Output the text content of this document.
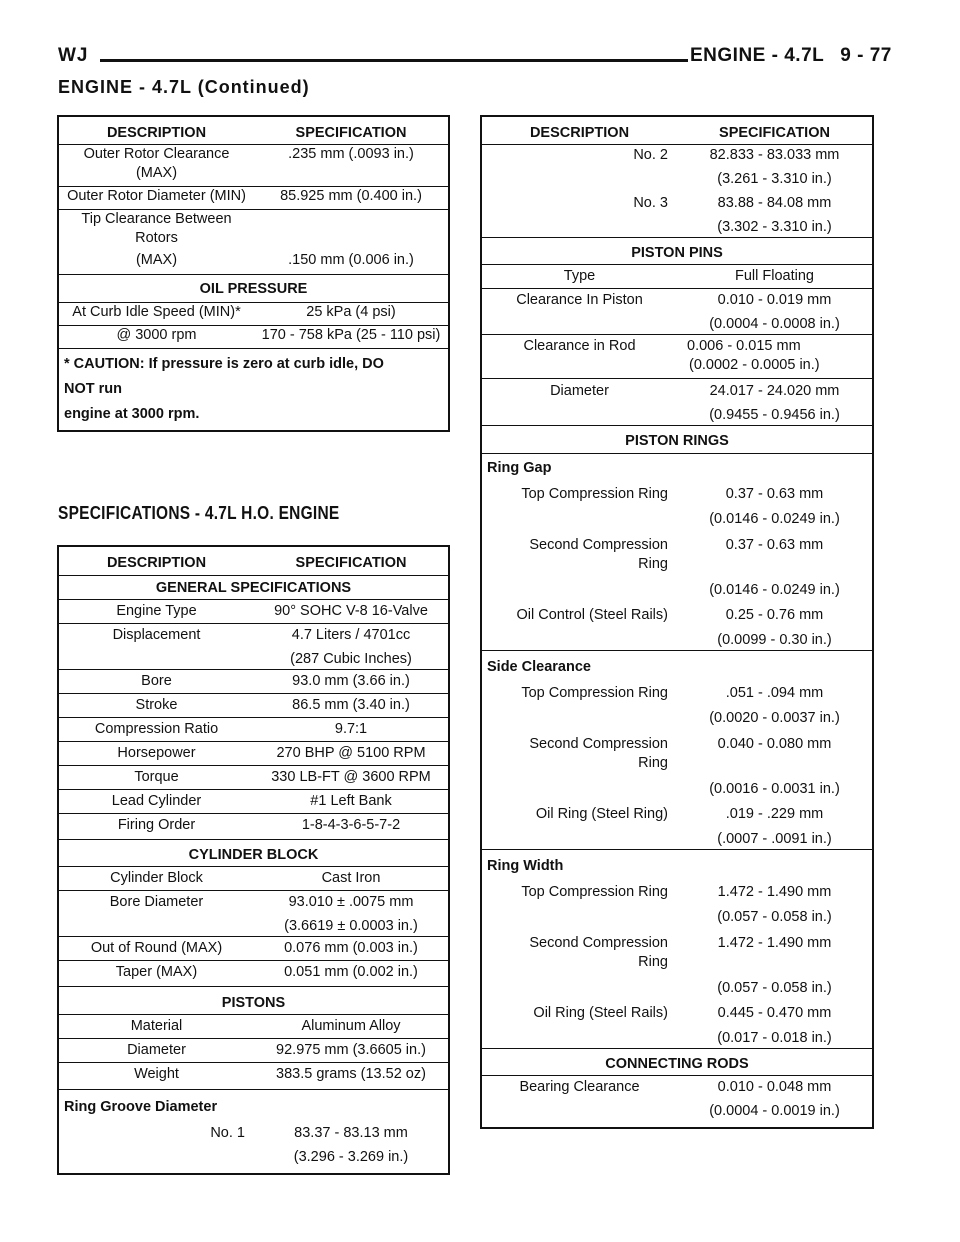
WJ	ENGINE - 4.7L 9 - 77
ENGINE - 4.7L (Continued)
DESCRIPTION	SPECIFICATION
Outer Rotor Clearance (MAX)	.235 mm (.0093 in.)
Outer Rotor Diameter (MIN)	85.925 mm (0.400 in.)
Tip Clearance Between Rotors	
(MAX)	.150 mm (0.006 in.)
OIL PRESSURE	
At Curb Idle Speed (MIN)*	25 kPa (4 psi)
@ 3000 rpm	170 - 758 kPa (25 - 110 psi)

* CAUTION: If pressure is zero at curb idle, DO
NOT run
engine at 3000 rpm.	
SPECIFICATIONS - 4.7L H.O. ENGINE
DESCRIPTION	SPECIFICATION
GENERAL SPECIFICATIONS	
Engine Type	90° SOHC V-8 16-Valve
Displacement	4.7 Liters / 4701cc
	(287 Cubic Inches)
Bore	93.0 mm (3.66 in.)
Stroke	86.5 mm (3.40 in.)
Compression Ratio	9.7:1
Horsepower	270 BHP @ 5100 RPM
Torque	330 LB-FT @ 3600 RPM
Lead Cylinder	#1 Left Bank
Firing Order	1-8-4-3-6-5-7-2
CYLINDER BLOCK	
Cylinder Block	Cast Iron
Bore Diameter	93.010 ± .0075 mm
	(3.6619 ± 0.0003 in.)
Out of Round (MAX)	0.076 mm (0.003 in.)
Taper (MAX)	0.051 mm (0.002 in.)
PISTONS	
Material	Aluminum Alloy
Diameter	92.975 mm (3.6605 in.)
Weight	383.5 grams (13.52 oz)
Ring Groove Diameter	
No. 1	83.37 - 83.13 mm
	(3.296 - 3.269 in.)
DESCRIPTION	SPECIFICATION
No. 2	82.833 - 83.033 mm
	(3.261 - 3.310 in.)
No. 3	83.88 - 84.08 mm
	(3.302 - 3.310 in.)
PISTON PINS	
Type	Full Floating
Clearance In Piston	0.010 - 0.019 mm
	(0.0004 - 0.0008 in.)
Clearance in Rod	0.006 - 0.015 mm
(0.0002 - 0.0005 in.)

Diameter	24.017 - 24.020 mm
	(0.9455 - 0.9456 in.)
PISTON RINGS	
Ring Gap	
Top Compression Ring	0.37 - 0.63 mm
	(0.0146 - 0.0249 in.)
Second Compression Ring	0.37 - 0.63 mm
	(0.0146 - 0.0249 in.)
Oil Control (Steel Rails)	0.25 - 0.76 mm
	(0.0099 - 0.30 in.)
Side Clearance	
Top Compression Ring	.051 - .094 mm
	(0.0020 - 0.0037 in.)
Second Compression Ring	0.040 - 0.080 mm
	(0.0016 - 0.0031 in.)
Oil Ring (Steel Ring)	.019 - .229 mm
	(.0007 - .0091 in.)
Ring Width	
Top Compression Ring	1.472 - 1.490 mm
	(0.057 - 0.058 in.)
Second Compression Ring	1.472 - 1.490 mm
	(0.057 - 0.058 in.)
Oil Ring (Steel Rails)	0.445 - 0.470 mm
	(0.017 - 0.018 in.)
CONNECTING RODS	
Bearing Clearance	0.010 - 0.048 mm
	(0.0004 - 0.0019 in.)
